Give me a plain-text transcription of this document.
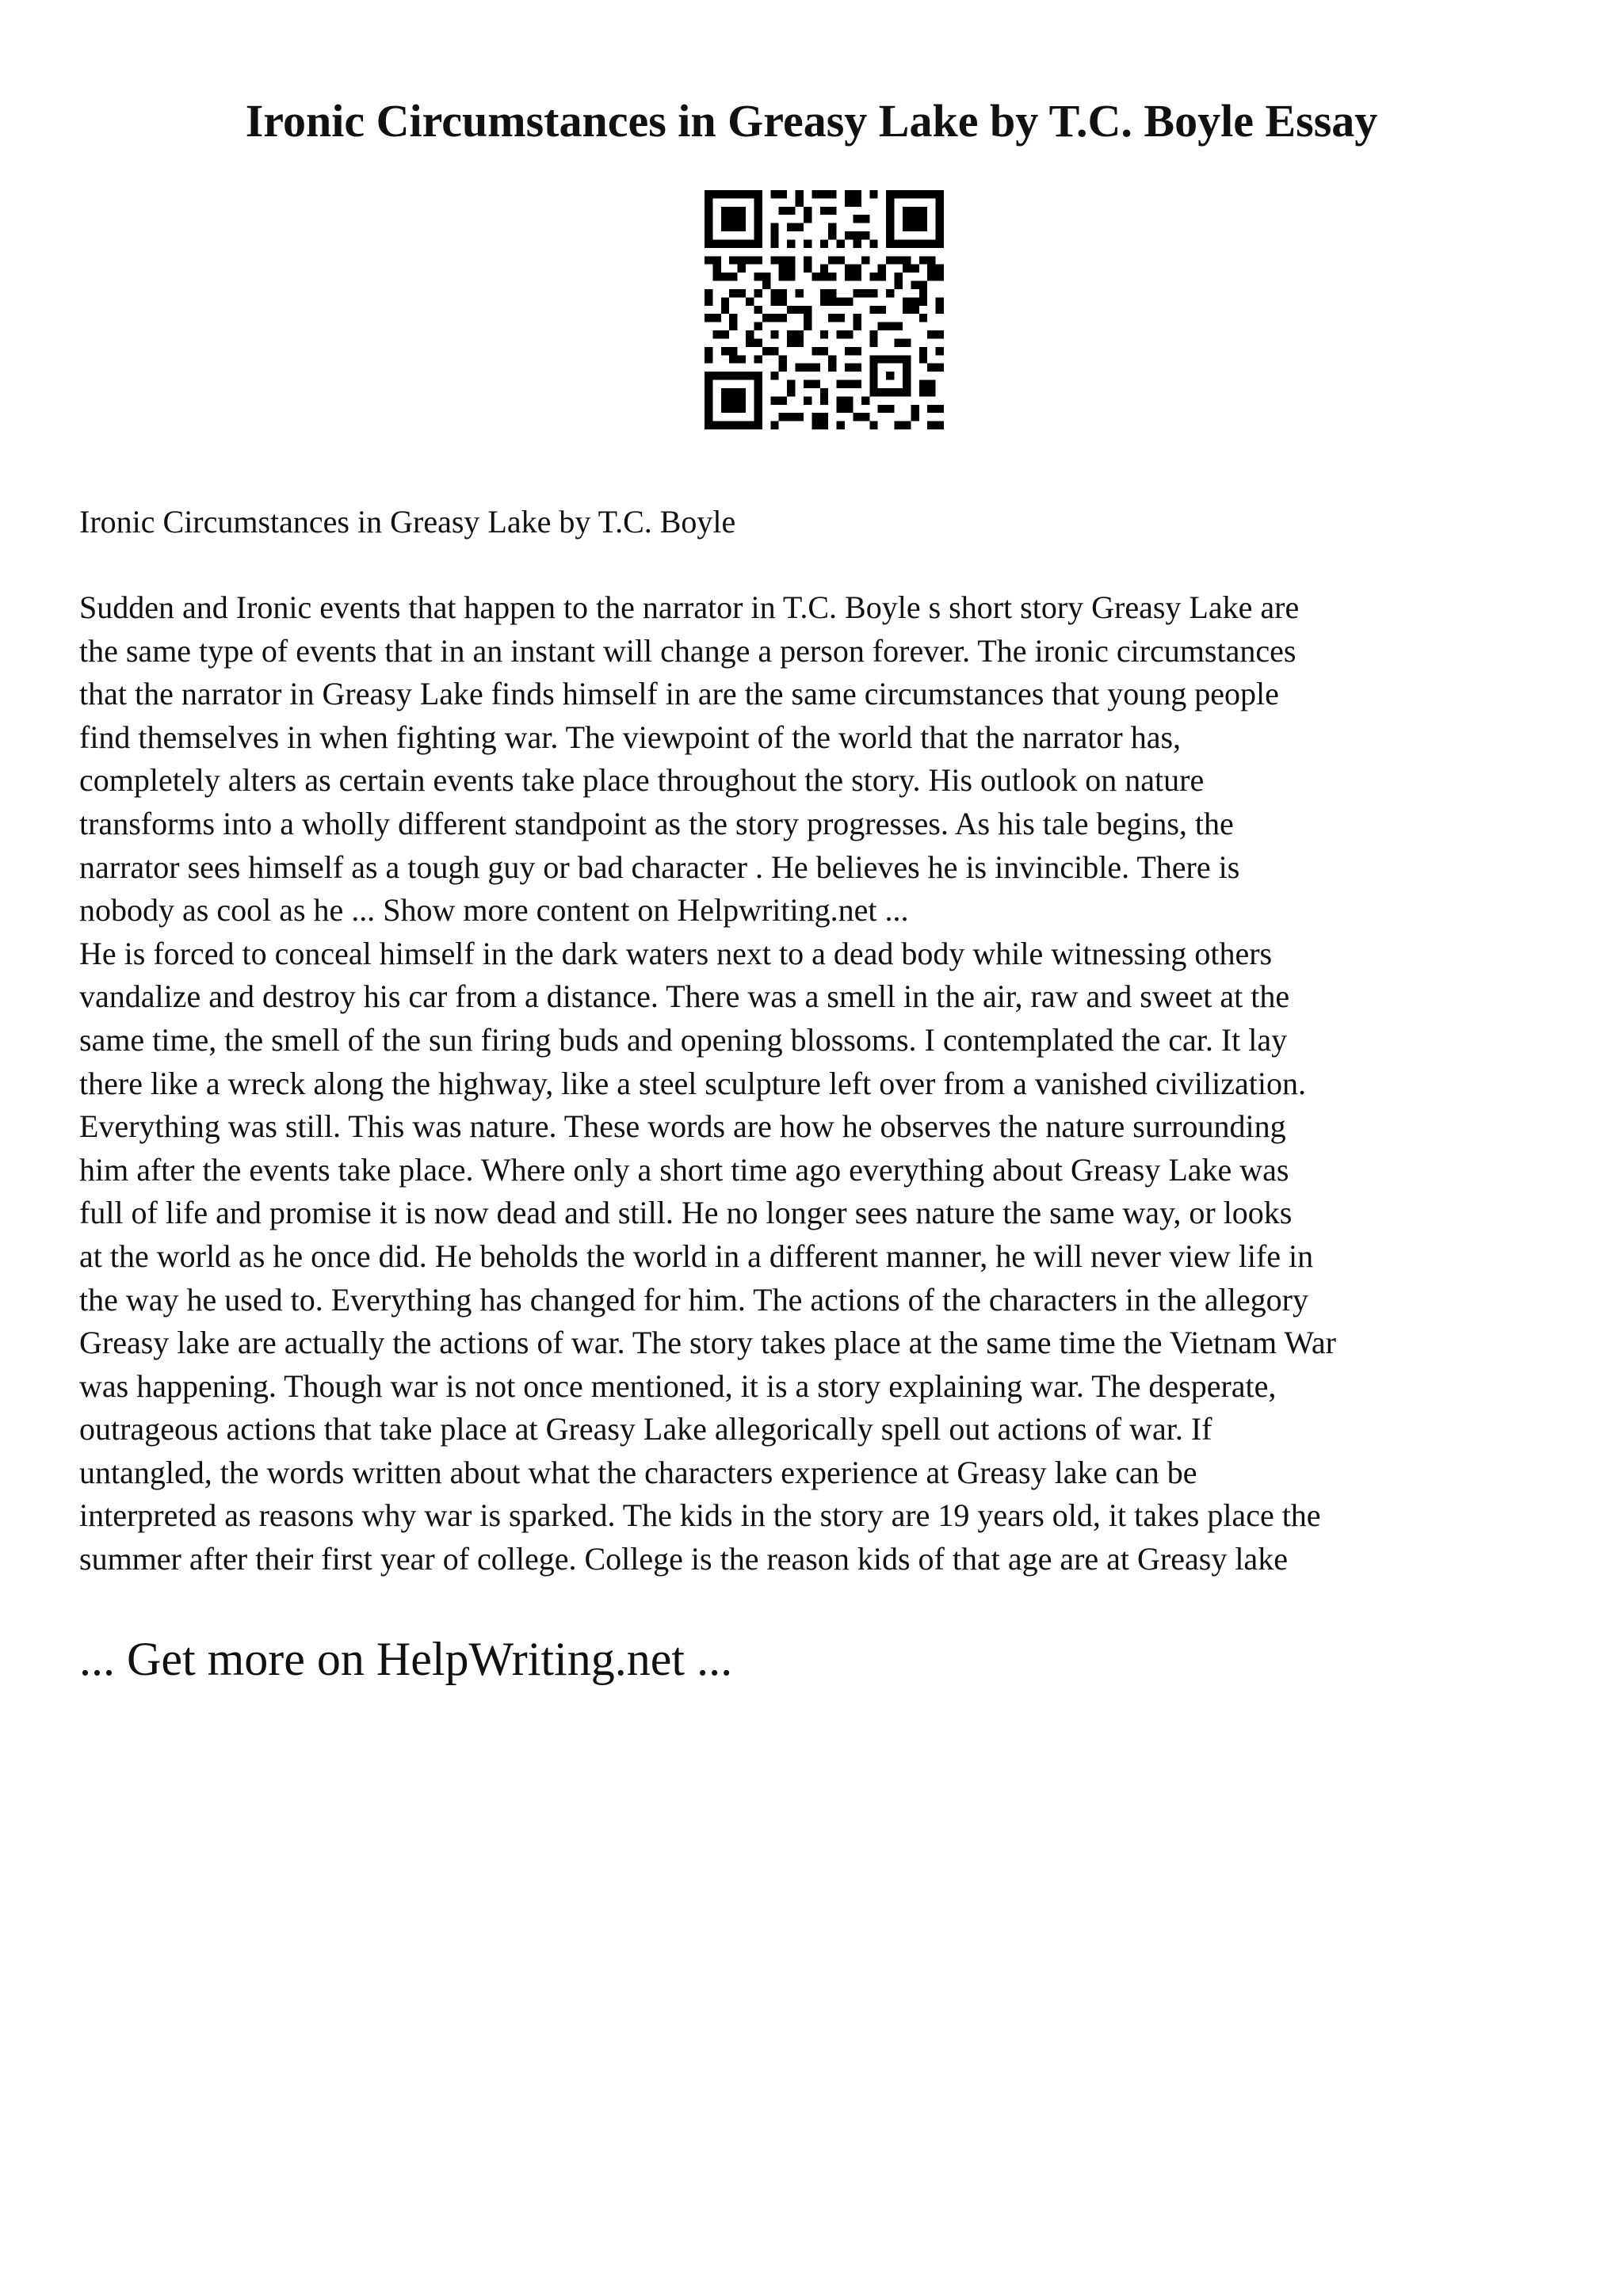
Ironic Circumstances in Greasy Lake by T.C. Boyle Essay

Ironic Circumstances in Greasy Lake by T.C. Boyle

Sudden and Ironic events that happen to the narrator in T.C. Boyle s short story Greasy Lake are
the same type of events that in an instant will change a person forever. The ironic circumstances
that the narrator in Greasy Lake finds himself in are the same circumstances that young people
find themselves in when fighting war. The viewpoint of the world that the narrator has,
completely alters as certain events take place throughout the story. His outlook on nature
transforms into a wholly different standpoint as the story progresses. As his tale begins, the
narrator sees himself as a tough guy or bad character . He believes he is invincible. There is
nobody as cool as he ... Show more content on Helpwriting.net ...
He is forced to conceal himself in the dark waters next to a dead body while witnessing others
vandalize and destroy his car from a distance. There was a smell in the air, raw and sweet at the
same time, the smell of the sun firing buds and opening blossoms. I contemplated the car. It lay
there like a wreck along the highway, like a steel sculpture left over from a vanished civilization.
Everything was still. This was nature. These words are how he observes the nature surrounding
him after the events take place. Where only a short time ago everything about Greasy Lake was
full of life and promise it is now dead and still. He no longer sees nature the same way, or looks
at the world as he once did. He beholds the world in a different manner, he will never view life in
the way he used to. Everything has changed for him. The actions of the characters in the allegory
Greasy lake are actually the actions of war. The story takes place at the same time the Vietnam War
was happening. Though war is not once mentioned, it is a story explaining war. The desperate,
outrageous actions that take place at Greasy Lake allegorically spell out actions of war. If
untangled, the words written about what the characters experience at Greasy lake can be
interpreted as reasons why war is sparked. The kids in the story are 19 years old, it takes place the
summer after their first year of college. College is the reason kids of that age are at Greasy lake

... Get more on HelpWriting.net ...
